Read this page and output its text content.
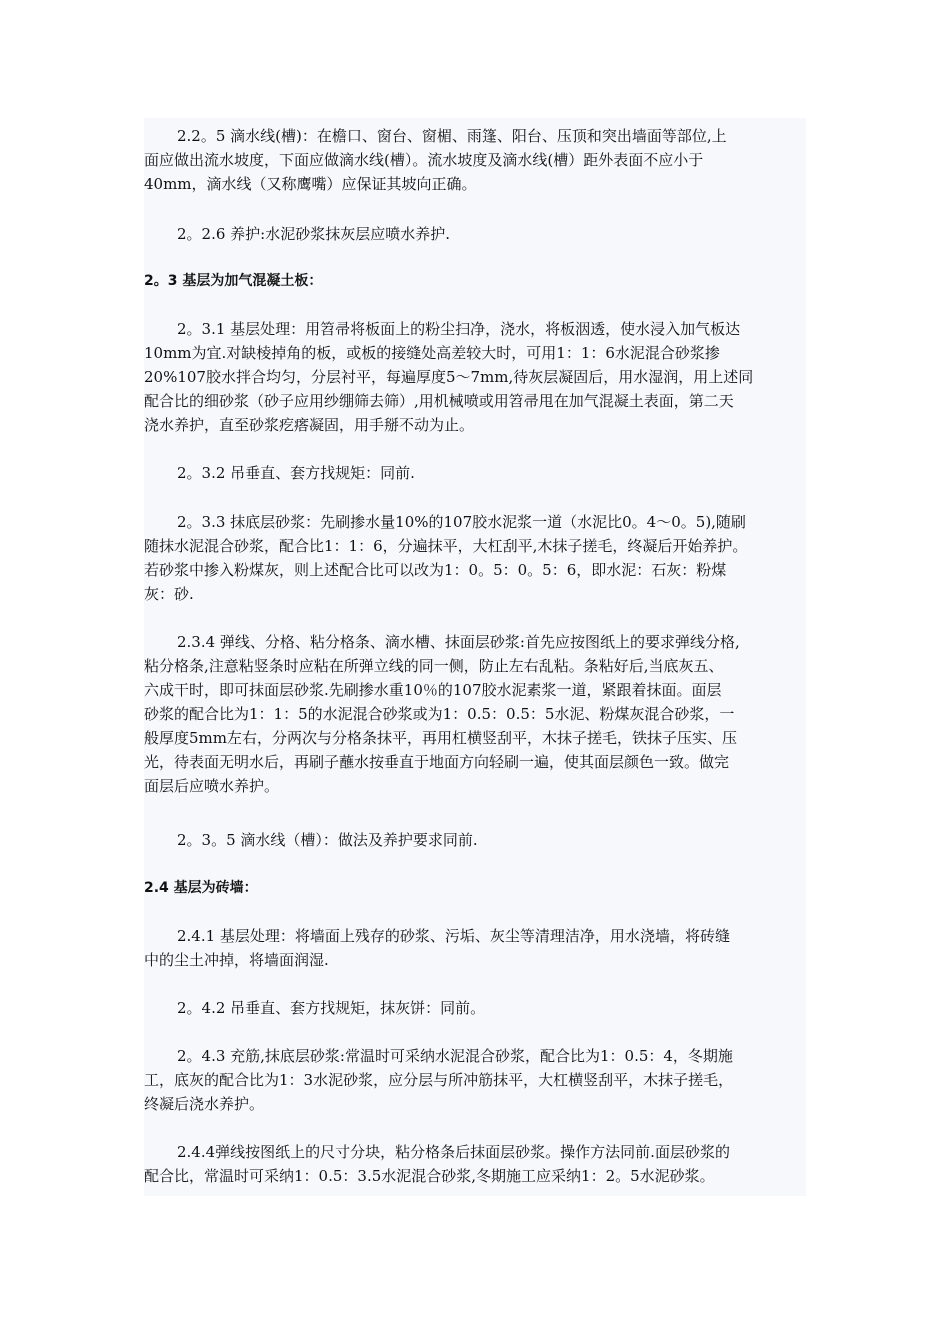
2.2。5 滴水线(槽)：在檐口、窗台、窗楣、雨篷、阳台、压顶和突出墙面等部位,上
面应做出流水坡度，下面应做滴水线(槽）。流水坡度及滴水线(槽）距外表面不应小于
40mm，滴水线（又称鹰嘴）应保证其坡向正确。

2。2.6 养护:水泥砂浆抹灰层应喷水养护.

2。3 基层为加气混凝土板：

2。3.1 基层处理：用笤帚将板面上的粉尘扫净，浇水，将板洇透，使水浸入加气板达
10mm为宜.对缺棱掉角的板，或板的接缝处高差较大时，可用1：1：6水泥混合砂浆掺
20%107胶水拌合均匀，分层衬平，每遍厚度5～7mm,待灰层凝固后，用水湿润，用上述同
配合比的细砂浆（砂子应用纱绷筛去筛）,用机械喷或用笤帚甩在加气混凝土表面，第二天
浇水养护，直至砂浆疙瘩凝固，用手掰不动为止。

2。3.2 吊垂直、套方找规矩：同前.

2。3.3 抹底层砂浆：先刷掺水量10%的107胶水泥浆一道（水泥比0。4～0。5),随刷
随抹水泥混合砂浆，配合比1：1：6，分遍抹平，大杠刮平,木抹子搓毛，终凝后开始养护。
若砂浆中掺入粉煤灰，则上述配合比可以改为1：0。5：0。5：6，即水泥：石灰：粉煤
灰：砂.

2.3.4 弹线、分格、粘分格条、滴水槽、抹面层砂浆:首先应按图纸上的要求弹线分格,
粘分格条,注意粘竖条时应粘在所弹立线的同一侧，防止左右乱粘。条粘好后,当底灰五、
六成干时，即可抹面层砂浆.先刷掺水重10％的107胶水泥素浆一道，紧跟着抹面。面层
砂浆的配合比为1：1：5的水泥混合砂浆或为1：0.5：0.5：5水泥、粉煤灰混合砂浆，一
般厚度5mm左右，分两次与分格条抹平，再用杠横竖刮平，木抹子搓毛，铁抹子压实、压
光，待表面无明水后，再刷子蘸水按垂直于地面方向轻刷一遍，使其面层颜色一致。做完
面层后应喷水养护。

2。3。5 滴水线（槽）：做法及养护要求同前.

2.4 基层为砖墙：

2.4.1 基层处理：将墙面上残存的砂浆、污垢、灰尘等清理洁净，用水浇墙，将砖缝
中的尘土冲掉，将墙面润湿.

2。4.2 吊垂直、套方找规矩，抹灰饼：同前。

2。4.3 充筋,抹底层砂浆:常温时可采纳水泥混合砂浆，配合比为1：0.5：4，冬期施
工，底灰的配合比为1：3水泥砂浆，应分层与所冲筋抹平，大杠横竖刮平，木抹子搓毛，
终凝后浇水养护。

2.4.4弹线按图纸上的尺寸分块，粘分格条后抹面层砂浆。操作方法同前.面层砂浆的
配合比，常温时可采纳1：0.5：3.5水泥混合砂浆,冬期施工应采纳1：2。5水泥砂浆。
